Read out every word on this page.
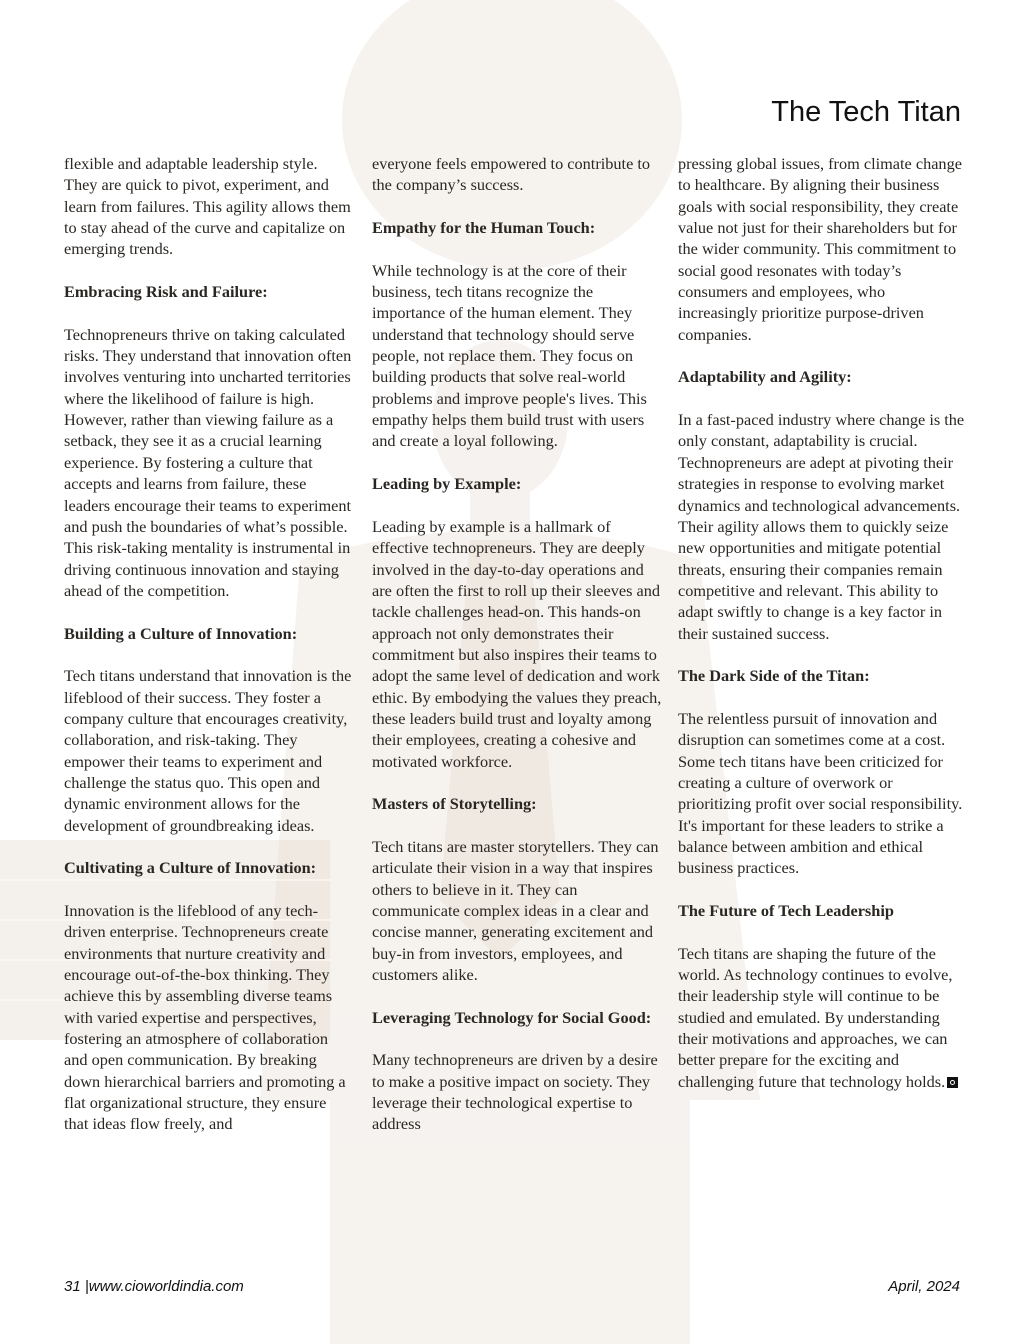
The Tech Titan

flexible and adaptable leadership style. They are quick to pivot, experiment, and learn from failures. This agility allows them to stay ahead of the curve and capitalize on emerging trends.

Embracing Risk and Failure:

Technopreneurs thrive on taking calculated risks. They understand that innovation often involves venturing into uncharted territories where the likelihood of failure is high. However, rather than viewing failure as a setback, they see it as a crucial learning experience. By fostering a culture that accepts and learns from failure, these leaders encourage their teams to experiment and push the boundaries of what’s possible. This risk-taking mentality is instrumental in driving continuous innovation and staying ahead of the competition.

Building a Culture of Innovation:

Tech titans understand that innovation is the lifeblood of their success. They foster a company culture that encourages creativity, collaboration, and risk-taking. They empower their teams to experiment and challenge the status quo. This open and dynamic environment allows for the development of groundbreaking ideas.

Cultivating a Culture of Innovation:

Innovation is the lifeblood of any tech-driven enterprise. Technopreneurs create environments that nurture creativity and encourage out-of-the-box thinking. They achieve this by assembling diverse teams with varied expertise and perspectives, fostering an atmosphere of collaboration and open communication. By breaking down hierarchical barriers and promoting a flat organizational structure, they ensure that ideas flow freely, and

everyone feels empowered to contribute to the company’s success.

Empathy for the Human Touch:

While technology is at the core of their business, tech titans recognize the importance of the human element. They understand that technology should serve people, not replace them. They focus on building products that solve real-world problems and improve people's lives. This empathy helps them build trust with users and create a loyal following.

Leading by Example:

Leading by example is a hallmark of effective technopreneurs. They are deeply involved in the day-to-day operations and are often the first to roll up their sleeves and tackle challenges head-on. This hands-on approach not only demonstrates their commitment but also inspires their teams to adopt the same level of dedication and work ethic. By embodying the values they preach, these leaders build trust and loyalty among their employees, creating a cohesive and motivated workforce.

Masters of Storytelling:

Tech titans are master storytellers. They can articulate their vision in a way that inspires others to believe in it. They can communicate complex ideas in a clear and concise manner, generating excitement and buy-in from investors, employees, and customers alike.

Leveraging Technology for Social Good:

Many technopreneurs are driven by a desire to make a positive impact on society. They leverage their technological expertise to address

pressing global issues, from climate change to healthcare. By aligning their business goals with social responsibility, they create value not just for their shareholders but for the wider community. This commitment to social good resonates with today’s consumers and employees, who increasingly prioritize purpose-driven companies.

Adaptability and Agility:

In a fast-paced industry where change is the only constant, adaptability is crucial. Technopreneurs are adept at pivoting their strategies in response to evolving market dynamics and technological advancements. Their agility allows them to quickly seize new opportunities and mitigate potential threats, ensuring their companies remain competitive and relevant. This ability to adapt swiftly to change is a key factor in their sustained success.

The Dark Side of the Titan:

The relentless pursuit of innovation and disruption can sometimes come at a cost. Some tech titans have been criticized for creating a culture of overwork or prioritizing profit over social responsibility. It's important for these leaders to strike a balance between ambition and ethical business practices.

The Future of Tech Leadership

Tech titans are shaping the future of the world. As technology continues to evolve, their leadership style will continue to be studied and emulated. By understanding their motivations and approaches, we can better prepare for the exciting and challenging future that technology holds.

31 |www.cioworldindia.com	April, 2024
